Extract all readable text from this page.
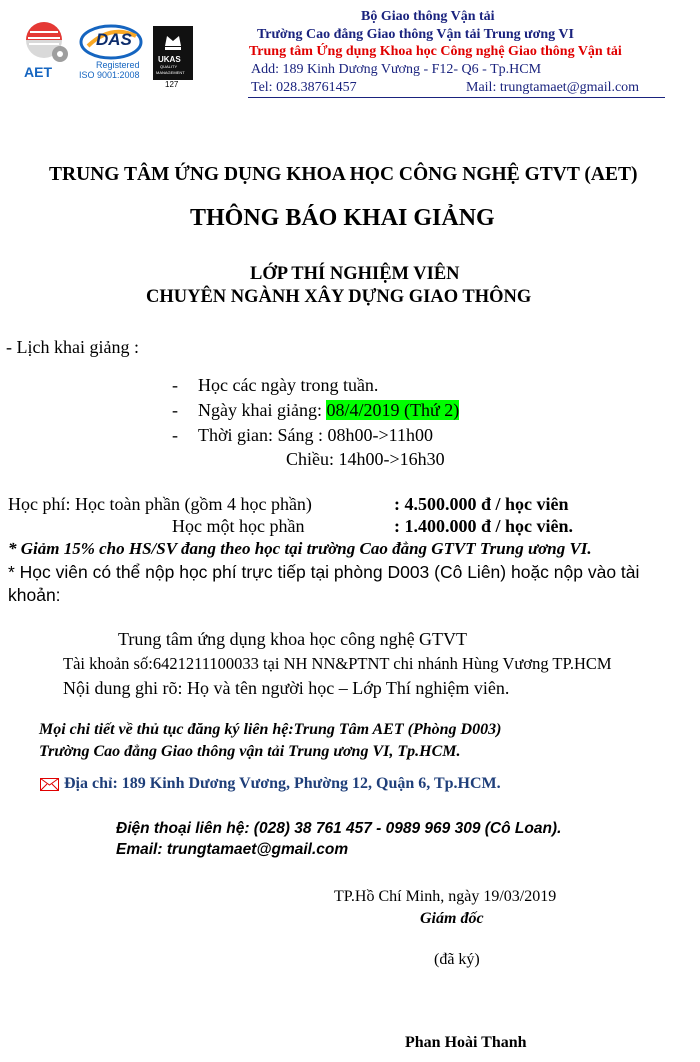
AET
DAS
Registered
ISO 9001:2008
UKAS
QUALITY
MANAGEMENT
127
Bộ Giao thông Vận tải
Trường Cao đẳng Giao thông Vận tải Trung ương VI
Trung tâm Ứng dụng Khoa học Công nghệ Giao thông Vận tải
Add: 189 Kinh Dương Vương - F12- Q6 - Tp.HCM
Tel: 028.38761457	Mail: trungtamaet@gmail.com
TRUNG TÂM ỨNG DỤNG KHOA HỌC CÔNG NGHỆ GTVT (AET)
THÔNG BÁO KHAI GIẢNG
LỚP THÍ NGHIỆM VIÊN
CHUYÊN NGÀNH XÂY DỰNG GIAO THÔNG
- Lịch khai giảng :
- Học các ngày trong tuần.
- Ngày khai giảng: 08/4/2019 (Thứ 2)
- Thời gian: Sáng : 08h00->11h00
Chiều: 14h00->16h30
Học phí: Học toàn phần (gồm 4 học phần)	: 4.500.000 đ / học viên
Học một học phần	: 1.400.000 đ / học viên.
* Giảm 15% cho HS/SV đang theo học tại trường Cao đẳng GTVT Trung ương VI.
* Học viên có thể nộp học phí trực tiếp tại phòng D003 (Cô Liên) hoặc nộp vào tài
khoản:
Trung tâm ứng dụng khoa học công nghệ GTVT
Tài khoản số:6421211100033 tại NH NN&PTNT chi nhánh Hùng Vương TP.HCM
Nội dung ghi rõ: Họ và tên người học – Lớp Thí nghiệm viên.
Mọi chi tiết về thủ tục đăng ký liên hệ:Trung Tâm AET (Phòng D003)
Trường Cao đẳng Giao thông vận tải Trung ương VI, Tp.HCM.
Địa chỉ: 189 Kinh Dương Vương, Phường 12, Quận 6, Tp.HCM.
Điện thoại liên hệ: (028) 38 761 457 - 0989 969 309 (Cô Loan).
Email: trungtamaet@gmail.com
TP.Hồ Chí Minh, ngày 19/03/2019
Giám đốc
(đã ký)
Phan Hoài Thanh
